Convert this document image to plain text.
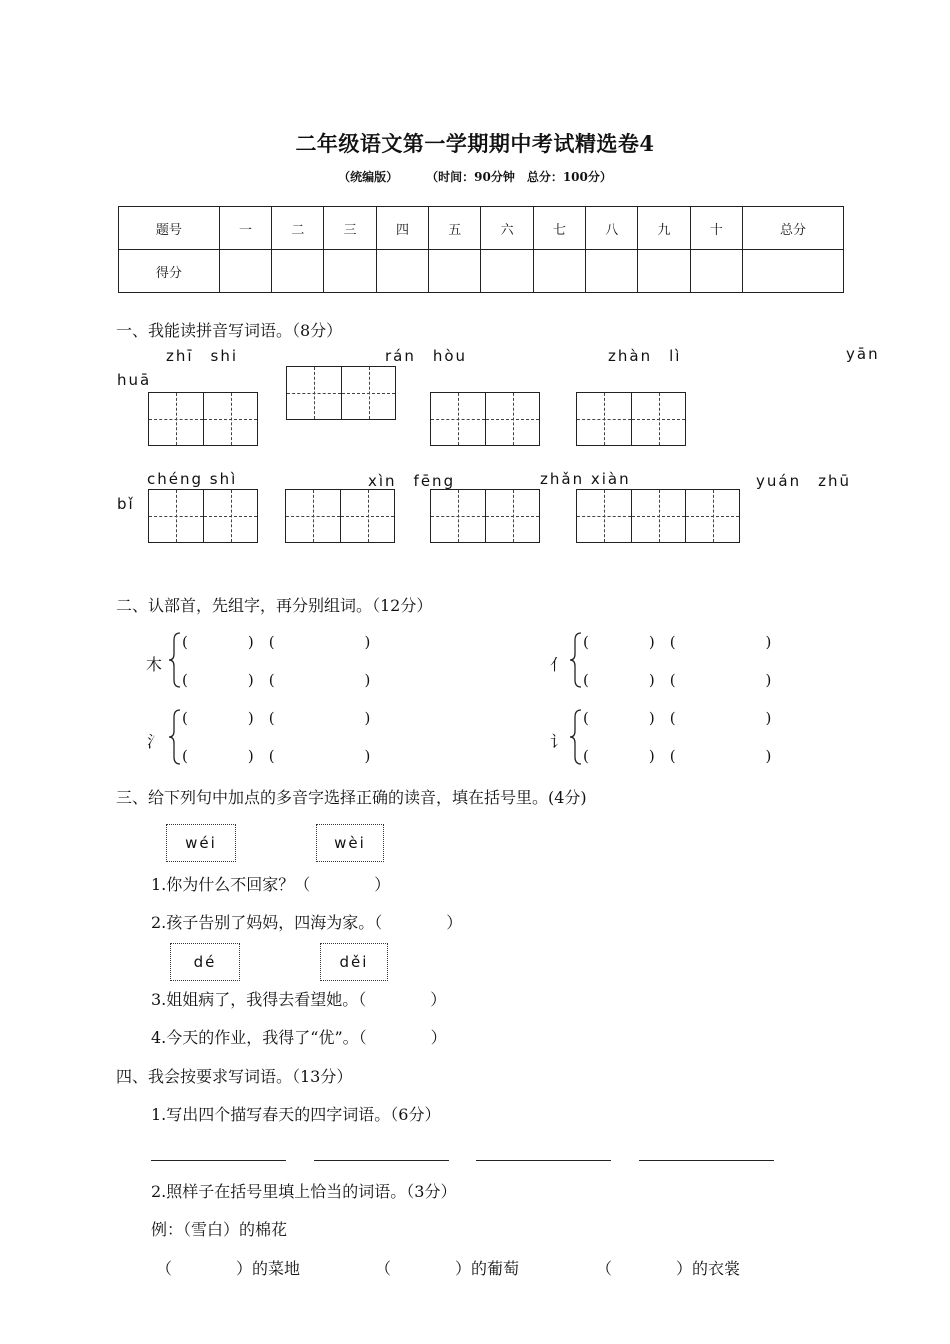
二年级语文第一学期期中考试精选卷4
（统编版）	（时间：90分钟　总分：100分）
题号	一	二	三	四	五	六	七	八	九	十	总分
得分											
一、我能读拼音写词语。（8分）
zhī　shi	rán　hòu	zhàn　lì	yān
huā
chéng shì	xìn　fēng	zhǎn xiàn	yuán　zhū
bǐ
二、认部首，先组字，再分别组词。（12分）
木
(　　　　)　(　　　　　　)
(　　　　)　(　　　　　　)
亻
(　　　　)　(　　　　　　)
(　　　　)　(　　　　　　)
氵
(　　　　)　(　　　　　　)
(　　　　)　(　　　　　　)
讠
(　　　　)　(　　　　　　)
(　　　　)　(　　　　　　)
三、给下列句中加点的多音字选择正确的读音，填在括号里。(4分)
wéi	wèi
1.你为什么不回家？（　　　　）
2.孩子告别了妈妈，四海为家。（　　　　）
dé	děi
3.姐姐病了，我得去看望她。（　　　　）
4.今天的作业，我得了“优”。（　　　　）
四、我会按要求写词语。（13分）
1.写出四个描写春天的四字词语。（6分）
2.照样子在括号里填上恰当的词语。（3分）
例：（雪白）的棉花
（　　　　）的菜地	（　　　　）的葡萄	（　　　　）的衣裳
